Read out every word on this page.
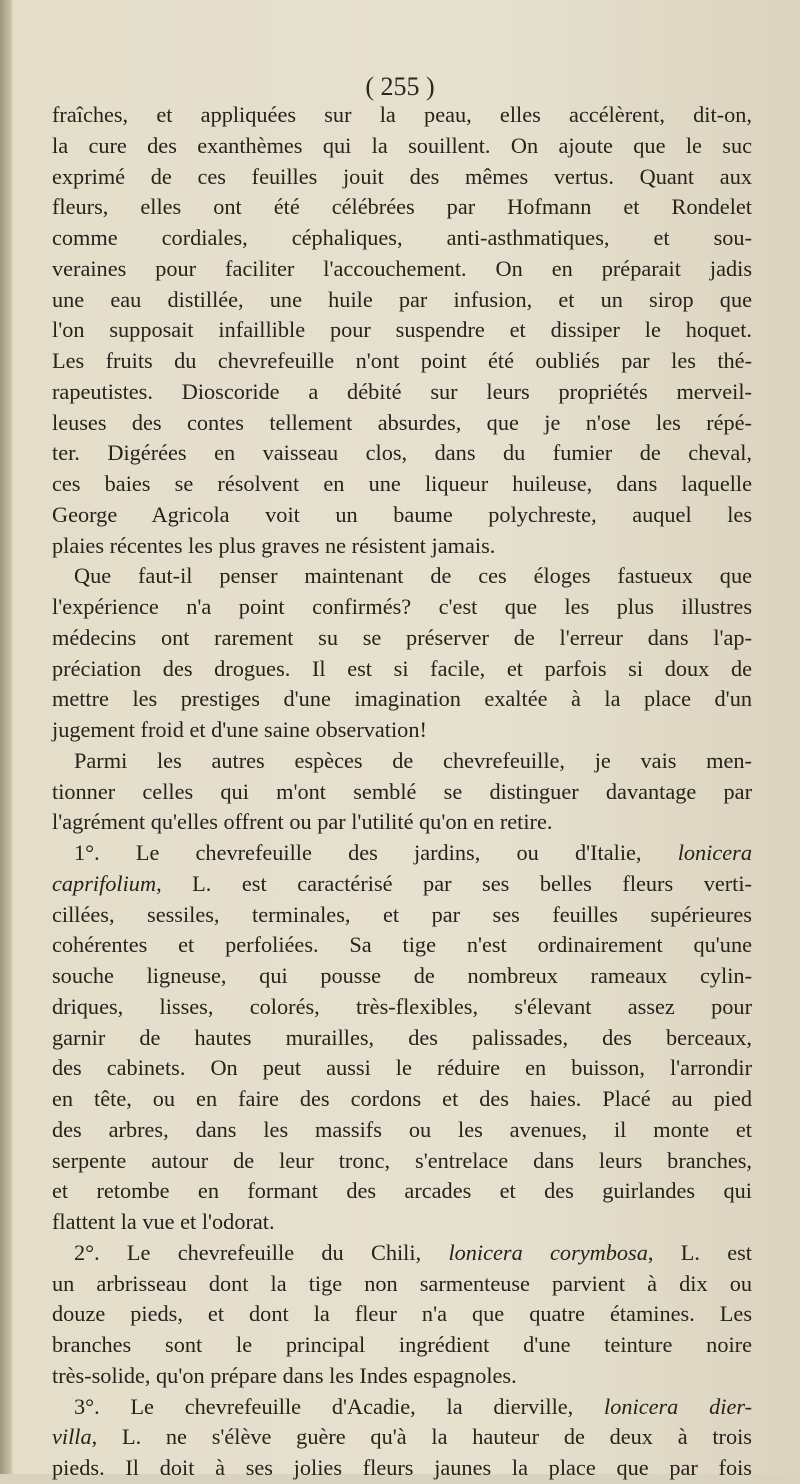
( 255 )
fraîches, et appliquées sur la peau, elles accélèrent, dit-on,
la cure des exanthèmes qui la souillent. On ajoute que le suc
exprimé de ces feuilles jouit des mêmes vertus. Quant aux
fleurs, elles ont été célébrées par Hofmann et Rondelet
comme cordiales, céphaliques, anti-asthmatiques, et sou-
veraines pour faciliter l'accouchement. On en préparait jadis
une eau distillée, une huile par infusion, et un sirop que
l'on supposait infaillible pour suspendre et dissiper le hoquet.
Les fruits du chevrefeuille n'ont point été oubliés par les thé-
rapeutistes. Dioscoride a débité sur leurs propriétés merveil-
leuses des contes tellement absurdes, que je n'ose les répé-
ter. Digérées en vaisseau clos, dans du fumier de cheval,
ces baies se résolvent en une liqueur huileuse, dans laquelle
George Agricola voit un baume polychreste, auquel les
plaies récentes les plus graves ne résistent jamais.
Que faut-il penser maintenant de ces éloges fastueux que
l'expérience n'a point confirmés? c'est que les plus illustres
médecins ont rarement su se préserver de l'erreur dans l'ap-
préciation des drogues. Il est si facile, et parfois si doux de
mettre les prestiges d'une imagination exaltée à la place d'un
jugement froid et d'une saine observation!
Parmi les autres espèces de chevrefeuille, je vais men-
tionner celles qui m'ont semblé se distinguer davantage par
l'agrément qu'elles offrent ou par l'utilité qu'on en retire.
1°. Le chevrefeuille des jardins, ou d'Italie, lonicera
caprifolium, L. est caractérisé par ses belles fleurs verti-
cillées, sessiles, terminales, et par ses feuilles supérieures
cohérentes et perfoliées. Sa tige n'est ordinairement qu'une
souche ligneuse, qui pousse de nombreux rameaux cylin-
driques, lisses, colorés, très-flexibles, s'élevant assez pour
garnir de hautes murailles, des palissades, des berceaux,
des cabinets. On peut aussi le réduire en buisson, l'arrondir
en tête, ou en faire des cordons et des haies. Placé au pied
des arbres, dans les massifs ou les avenues, il monte et
serpente autour de leur tronc, s'entrelace dans leurs branches,
et retombe en formant des arcades et des guirlandes qui
flattent la vue et l'odorat.
2°. Le chevrefeuille du Chili, lonicera corymbosa, L. est
un arbrisseau dont la tige non sarmenteuse parvient à dix ou
douze pieds, et dont la fleur n'a que quatre étamines. Les
branches sont le principal ingrédient d'une teinture noire
très-solide, qu'on prépare dans les Indes espagnoles.
3°. Le chevrefeuille d'Acadie, la dierville, lonicera dier-
villa, L. ne s'élève guère qu'à la hauteur de deux à trois
pieds. Il doit à ses jolies fleurs jaunes la place que par fois
